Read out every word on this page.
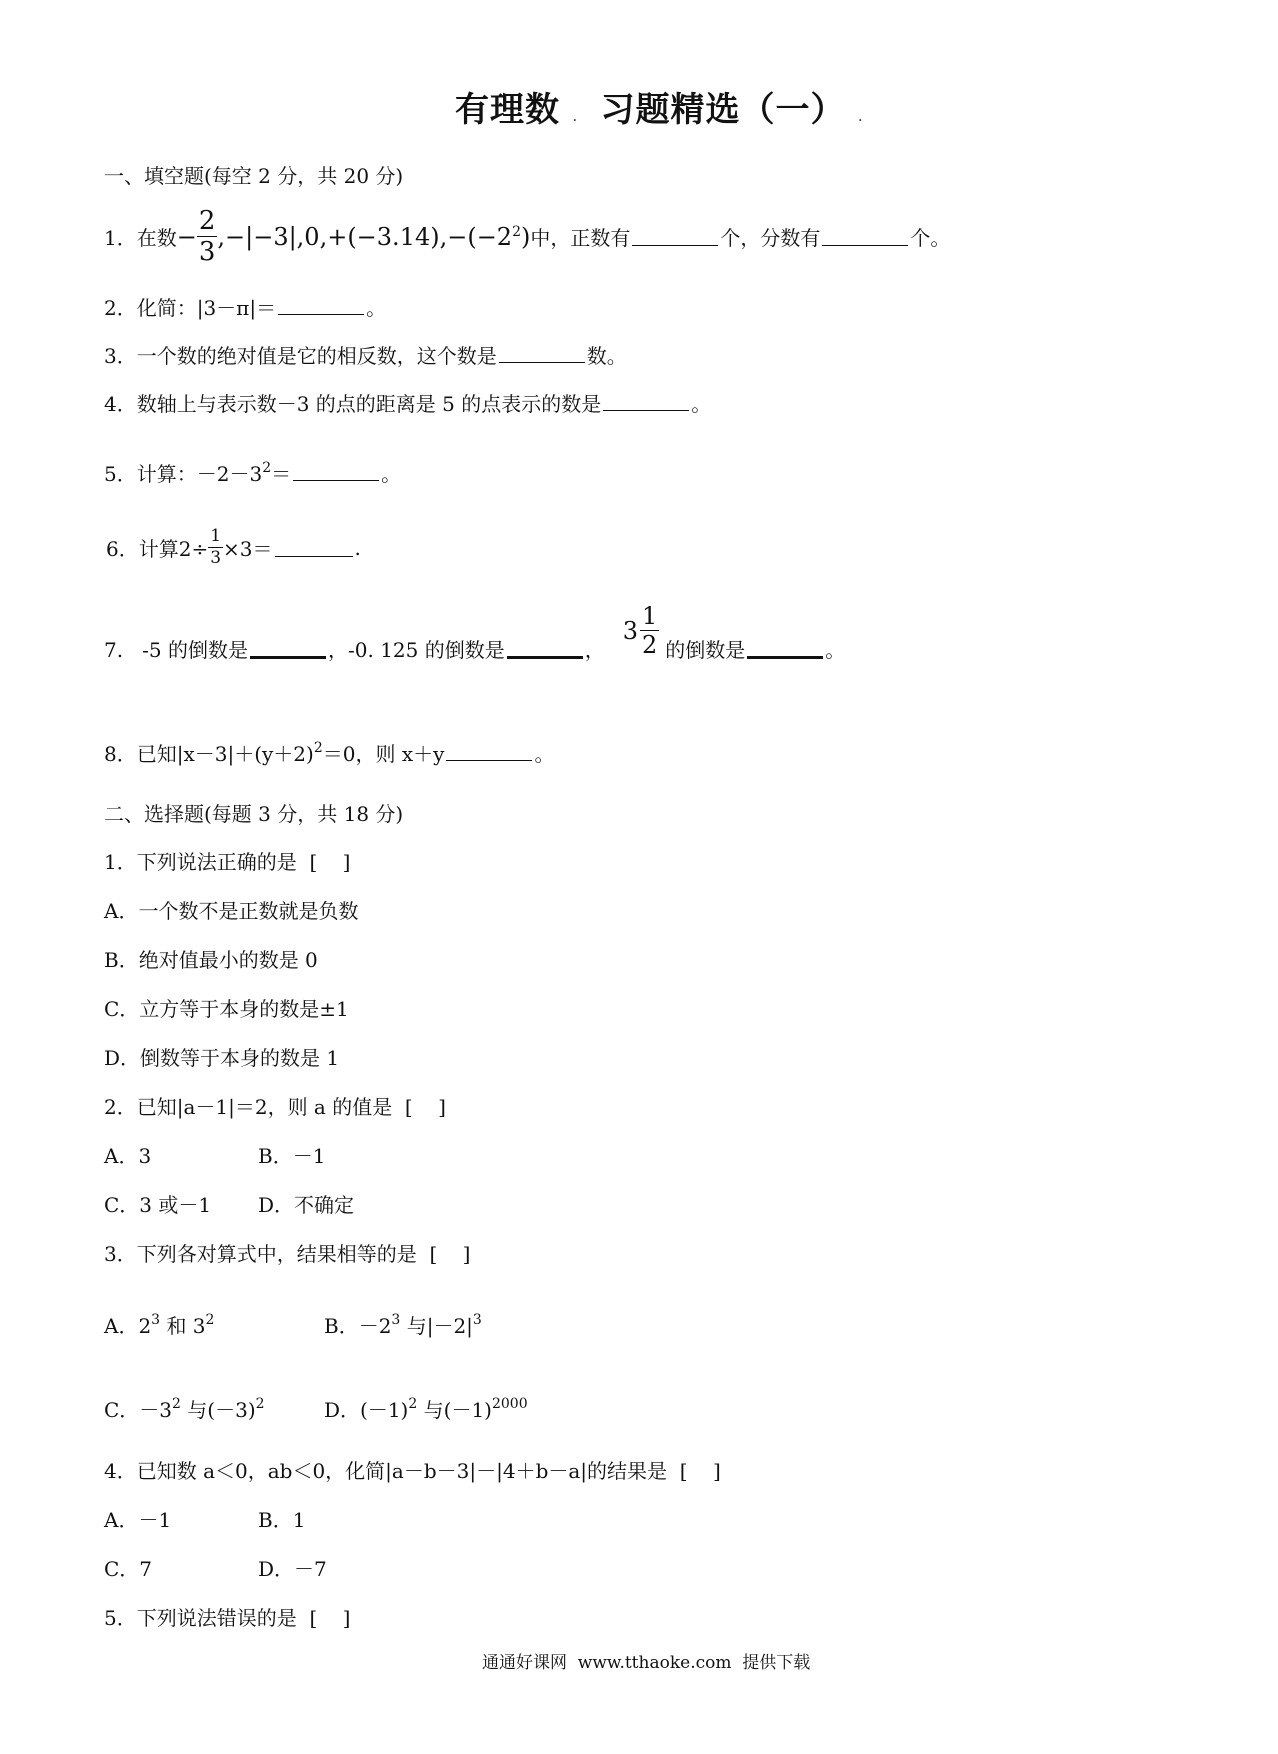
有理数 . 习题精选（一） .
一、填空题(每空 2 分，共 20 分)
1．在数 − $\frac{2}{3} ,-|-3|,0,+(-3.14),-(-2^2)$ 中，正数有	个，分数有	个。
2．化简：|3－π|＝	。
3．一个数的绝对值是它的相反数，这个数是	数。
4．数轴上与表示数－3 的点的距离是 5 的点表示的数是	。
5．计算：$-2-3^2=$	。
6．计算$2\div \frac{1}{3} \times 3=$	.
7.   -5 的倒数是	，-0. 125 的倒数是	，
$3 \frac{1}{2}$ 的倒数是	。
8．已知$|x-3|+(y+2)^2=0$，则 x＋y	。
二、选择题(每题 3 分，共 18 分)
1．下列说法正确的是  [    ]
A．一个数不是正数就是负数
B．绝对值最小的数是 0
C．立方等于本身的数是±1
D．倒数等于本身的数是 1
2．已知|a－1|＝2，则 a 的值是  [    ]
A．3	B．－1
C．3 或－1 D．不确定
3．下列各对算式中，结果相等的是  [    ]
A．$2^3$ 和 $3^2$	B．$-2^3$ 与$|-2|^3$
C．$-3^2$ 与$(-3)^2$	D．$(-1)^2$ 与$(-1)^{2000}$
4．已知数 a＜0，ab＜0，化简|a－b－3|－|4＋b－a|的结果是  [    ]
A．－1	B．1
C．7	D．－7
5．下列说法错误的是  [    ]
通通好课网  www.tthaoke.com  提供下载
